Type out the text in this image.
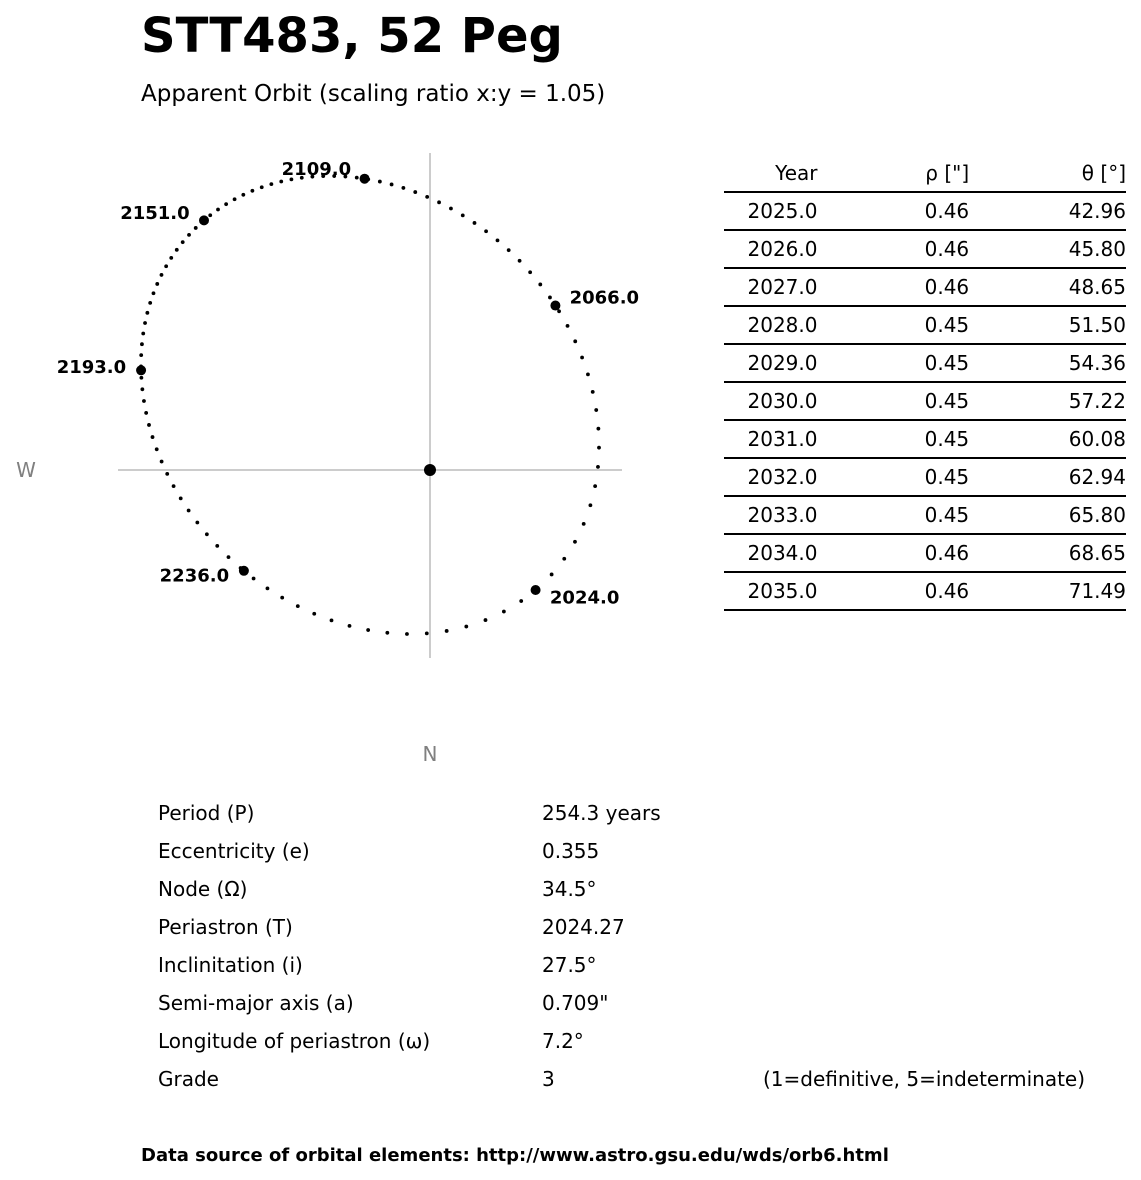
STT483, 52 Peg
Apparent Orbit (scaling ratio x:y = 1.05)
2024.0
2066.0
2109.0
2151.0
2193.0
2236.0
W
N
Year	ρ ["]	θ [°]
2025.0	0.46	42.96
2026.0	0.46	45.80
2027.0	0.46	48.65
2028.0	0.45	51.50
2029.0	0.45	54.36
2030.0	0.45	57.22
2031.0	0.45	60.08
2032.0	0.45	62.94
2033.0	0.45	65.80
2034.0	0.46	68.65
2035.0	0.46	71.49
Period (P)	254.3 years
Eccentricity (e)	0.355
Node (Ω)	34.5°
Periastron (T)	2024.27
Inclinitation (i)	27.5°
Semi-major axis (a)	0.709"
Longitude of periastron (ω)	7.2°
Grade	3	(1=definitive, 5=indeterminate)
Data source of orbital elements: http://www.astro.gsu.edu/wds/orb6.html
